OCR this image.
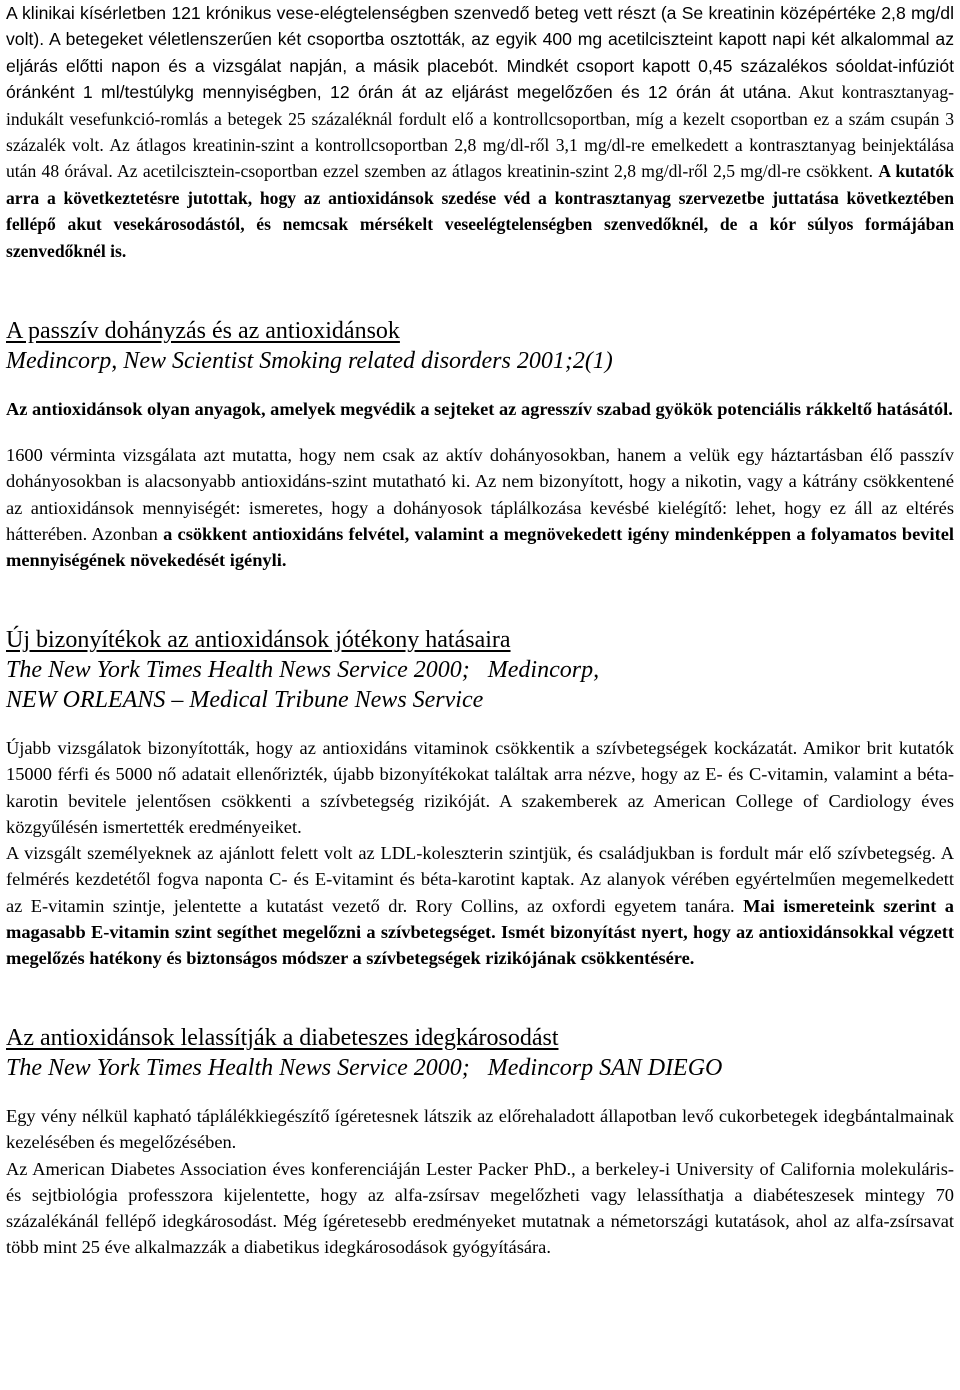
A klinikai kísérletben 121 krónikus vese-elégtelenségben szenvedő beteg vett részt (a Se kreatinin középértéke 2,8 mg/dl volt). A betegeket véletlenszerűen két csoportba osztották, az egyik 400 mg acetilciszteint kapott napi két alkalommal az eljárás előtti napon és a vizsgálat napján, a másik placebót. Mindkét csoport kapott 0,45 százalékos sóoldat-infúziót óránként 1 ml/testúlykg mennyiségben, 12 órán át az eljárást megelőzően és 12 órán át utána. Akut kontrasztanyag-indukált vesefunkció-romlás a betegek 25 százaléknál fordult elő a kontrollcsoportban, míg a kezelt csoportban ez a szám csupán 3 százalék volt. Az átlagos kreatinin-szint a kontrollcsoportban 2,8 mg/dl-ről 3,1 mg/dl-re emelkedett a kontrasztanyag beinjektálása után 48 órával. Az acetilcisztein-csoportban ezzel szemben az átlagos kreatinin-szint 2,8 mg/dl-ről 2,5 mg/dl-re csökkent. A kutatók arra a következtetésre jutottak, hogy az antioxidánsok szedése véd a kontrasztanyag szervezetbe juttatása következtében fellépő akut vesekárosodástól, és nemcsak mérsékelt veseelégtelenségben szenvedőknél, de a kór súlyos formájában szenvedőknél is.

A passzív dohányzás és az antioxidánsok
Medincorp, New Scientist Smoking related disorders 2001;2(1)

Az antioxidánsok olyan anyagok, amelyek megvédik a sejteket az agresszív szabad gyökök potenciális rákkeltő hatásától.

1600 vérminta vizsgálata azt mutatta, hogy nem csak az aktív dohányosokban, hanem a velük egy háztartásban élő passzív dohányosokban is alacsonyabb antioxidáns-szint mutatható ki. Az nem bizonyított, hogy a nikotin, vagy a kátrány csökkentené az antioxidánsok mennyiségét: ismeretes, hogy a dohányosok táplálkozása kevésbé kielégítő: lehet, hogy ez áll az eltérés hátterében. Azonban a csökkent antioxidáns felvétel, valamint a megnövekedett igény mindenképpen a folyamatos bevitel mennyiségének növekedését igényli.

Új bizonyítékok az antioxidánsok jótékony hatásaira
The New York Times Health News Service 2000;   Medincorp,
NEW ORLEANS – Medical Tribune News Service

Újabb vizsgálatok bizonyították, hogy az antioxidáns vitaminok csökkentik a szívbetegségek kockázatát. Amikor brit kutatók 15000 férfi és 5000 nő adatait ellenőrizték, újabb bizonyítékokat találtak arra nézve, hogy az E- és C-vitamin, valamint a béta-karotin bevitele jelentősen csökkenti a szívbetegség rizikóját. A szakemberek az American College of Cardiology éves közgyűlésén ismertették eredményeiket.

A vizsgált személyeknek az ajánlott felett volt az LDL-koleszterin szintjük, és családjukban is fordult már elő szívbetegség. A felmérés kezdetétől fogva naponta C- és E-vitamint és béta-karotint kaptak. Az alanyok vérében egyértelműen megemelkedett az E-vitamin szintje, jelentette a kutatást vezető dr. Rory Collins, az oxfordi egyetem tanára. Mai ismereteink szerint a magasabb E-vitamin szint segíthet megelőzni a szívbetegséget. Ismét bizonyítást nyert, hogy az antioxidánsokkal végzett megelőzés hatékony és biztonságos módszer a szívbetegségek rizikójának csökkentésére.

Az antioxidánsok lelassítják a diabeteszes idegkárosodást
The New York Times Health News Service 2000;   Medincorp SAN DIEGO

Egy vény nélkül kapható táplálékkiegészítő ígéretesnek látszik az előrehaladott állapotban levő cukorbetegek idegbántalmainak kezelésében és megelőzésében.

Az American Diabetes Association éves konferenciáján Lester Packer PhD., a berkeley-i University of California molekuláris- és sejtbiológia professzora kijelentette, hogy az alfa-zsírsav megelőzheti vagy lelassíthatja a diabéteszesek mintegy 70 százalékánál fellépő idegkárosodást. Még ígéretesebb eredményeket mutatnak a németországi kutatások, ahol az alfa-zsírsavat több mint 25 éve alkalmazzák a diabetikus idegkárosodások gyógyítására.
